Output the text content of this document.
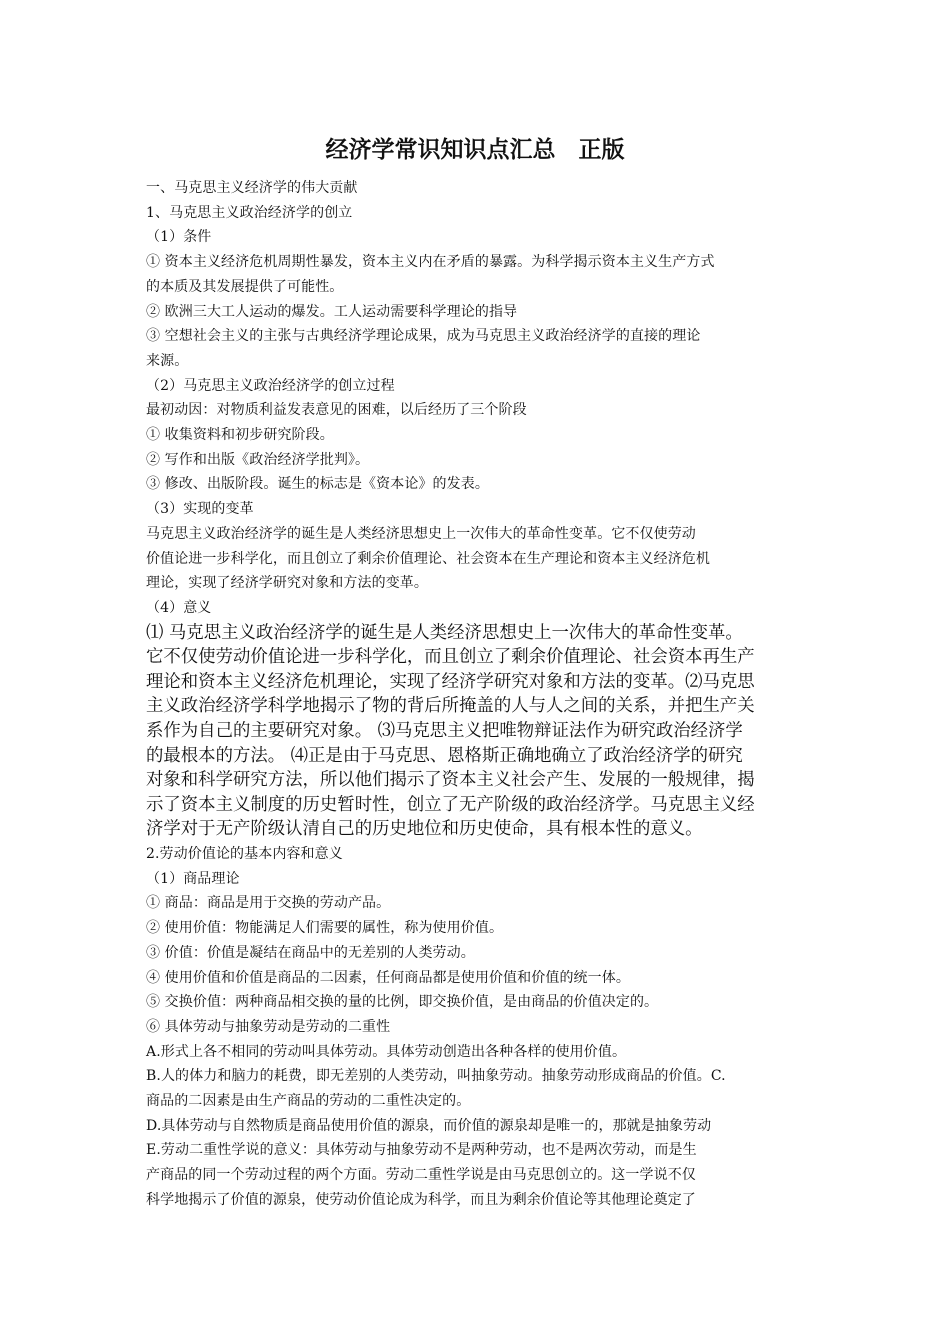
经济学常识知识点汇总　正版

一、马克思主义经济学的伟大贡献

1、马克思主义政治经济学的创立

（1）条件

① 资本主义经济危机周期性暴发，资本主义内在矛盾的暴露。为科学揭示资本主义生产方式

的本质及其发展提供了可能性。

② 欧洲三大工人运动的爆发。工人运动需要科学理论的指导

③ 空想社会主义的主张与古典经济学理论成果，成为马克思主义政治经济学的直接的理论

来源。

（2）马克思主义政治经济学的创立过程

最初动因：对物质利益发表意见的困难，以后经历了三个阶段

① 收集资料和初步研究阶段。

② 写作和出版《政治经济学批判》。

③ 修改、出版阶段。诞生的标志是《资本论》的发表。

（3）实现的变革

马克思主义政治经济学的诞生是人类经济思想史上一次伟大的革命性变革。它不仅使劳动

价值论进一步科学化，而且创立了剩余价值理论、社会资本在生产理论和资本主义经济危机

理论，实现了经济学研究对象和方法的变革。

（4）意义

⑴ 马克思主义政治经济学的诞生是人类经济思想史上一次伟大的革命性变革。

它不仅使劳动价值论进一步科学化，而且创立了剩余价值理论、社会资本再生产

理论和资本主义经济危机理论，实现了经济学研究对象和方法的变革。⑵马克思

主义政治经济学科学地揭示了物的背后所掩盖的人与人之间的关系，并把生产关

系作为自己的主要研究对象。 ⑶马克思主义把唯物辩证法作为研究政治经济学

的最根本的方法。 ⑷正是由于马克思、恩格斯正确地确立了政治经济学的研究

对象和科学研究方法，所以他们揭示了资本主义社会产生、发展的一般规律，揭

示了资本主义制度的历史暂时性，创立了无产阶级的政治经济学。马克思主义经

济学对于无产阶级认清自己的历史地位和历史使命，具有根本性的意义。

2.劳动价值论的基本内容和意义

（1）商品理论

① 商品：商品是用于交换的劳动产品。

② 使用价值：物能满足人们需要的属性，称为使用价值。

③ 价值：价值是凝结在商品中的无差别的人类劳动。

④ 使用价值和价值是商品的二因素，任何商品都是使用价值和价值的统一体。

⑤ 交换价值：两种商品相交换的量的比例，即交换价值，是由商品的价值决定的。

⑥ 具体劳动与抽象劳动是劳动的二重性

A.形式上各不相同的劳动叫具体劳动。具体劳动创造出各种各样的使用价值。

B.人的体力和脑力的耗费，即无差别的人类劳动，叫抽象劳动。抽象劳动形成商品的价值。C.

商品的二因素是由生产商品的劳动的二重性决定的。

D.具体劳动与自然物质是商品使用价值的源泉，而价值的源泉却是唯一的，那就是抽象劳动

E.劳动二重性学说的意义：具体劳动与抽象劳动不是两种劳动，也不是两次劳动，而是生

产商品的同一个劳动过程的两个方面。劳动二重性学说是由马克思创立的。这一学说不仅

科学地揭示了价值的源泉，使劳动价值论成为科学，而且为剩余价值论等其他理论奠定了
